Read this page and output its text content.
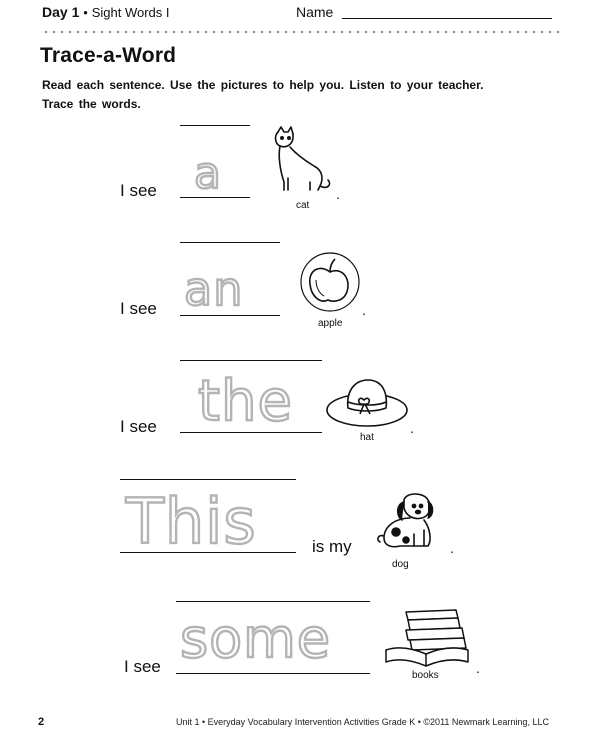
Day 1 • Sight Words I	Name
Trace-a-Word
Read each sentence. Use the pictures to help you. Listen to your teacher.
Trace the words.
I see a
cat
.
I see an
apple
.
I see the
hat
.
This	is my
dog
.
I see some
books	.
2	Unit 1 • Everyday Vocabulary Intervention Activities Grade K • ©2011 Newmark Learning, LLC
